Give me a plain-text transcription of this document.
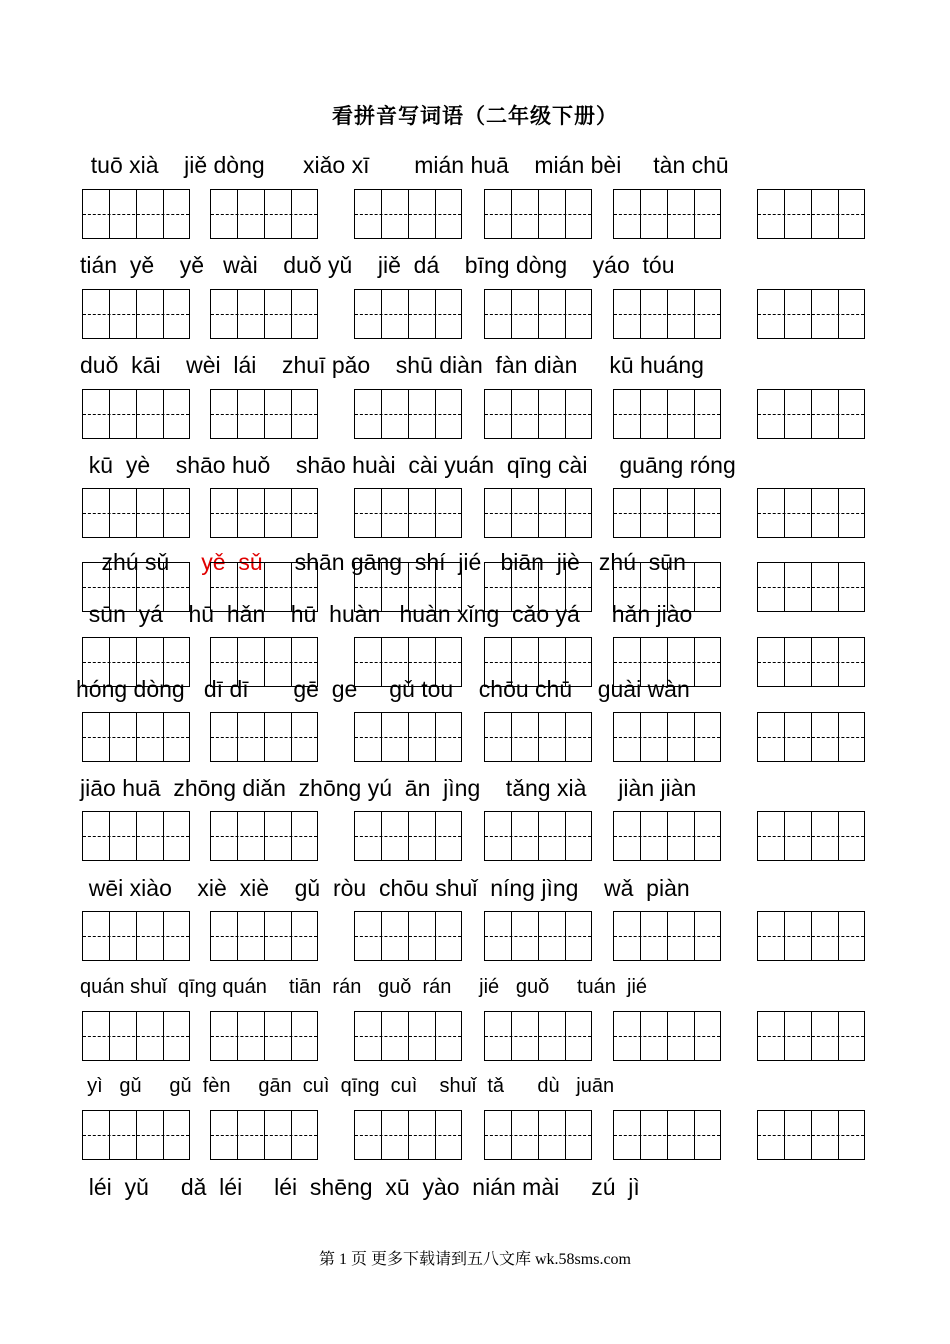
看拼音写词语（二年级下册）
tuō xià    jiě dòng      xiǎo xī       mián huā    mián bèi     tàn chū
tián  yě    yě   wài    duǒ yǔ    jiě  dá    bīng dòng    yáo  tóu
duǒ  kāi    wèi  lái    zhuī pǎo    shū diàn  fàn diàn     kū huáng
kū  yè    shāo huǒ    shāo huài  cài yuán  qīng cài     guāng róng

zhú sǔ     yě  sǔ     shān gāng  shí  jié   biān  jiè   zhú  sūn

sūn  yá    hū  hǎn    hū  huàn   huàn xǐng  cǎo yá     hǎn jiào
hóng dòng   dī dī       gē  ge     gǔ tou    chōu chū    guài wàn
jiāo huā  zhōng diǎn  zhōng yú  ān  jìng    tǎng xià     jiàn jiàn
wēi xiào    xiè  xiè    gǔ  ròu  chōu shuǐ  níng jìng    wǎ  piàn
quán shuǐ  qīng quán    tiān  rán   guǒ  rán     jié   guǒ     tuán  jié
yì   gǔ     gǔ  fèn     gān  cuì  qīng  cuì    shuǐ  tǎ      dù   juān
léi  yǔ     dǎ  léi     léi  shēng  xū  yào  nián mài     zú  jì
第 1 页 更多下载请到五八文库 wk.58sms.com
